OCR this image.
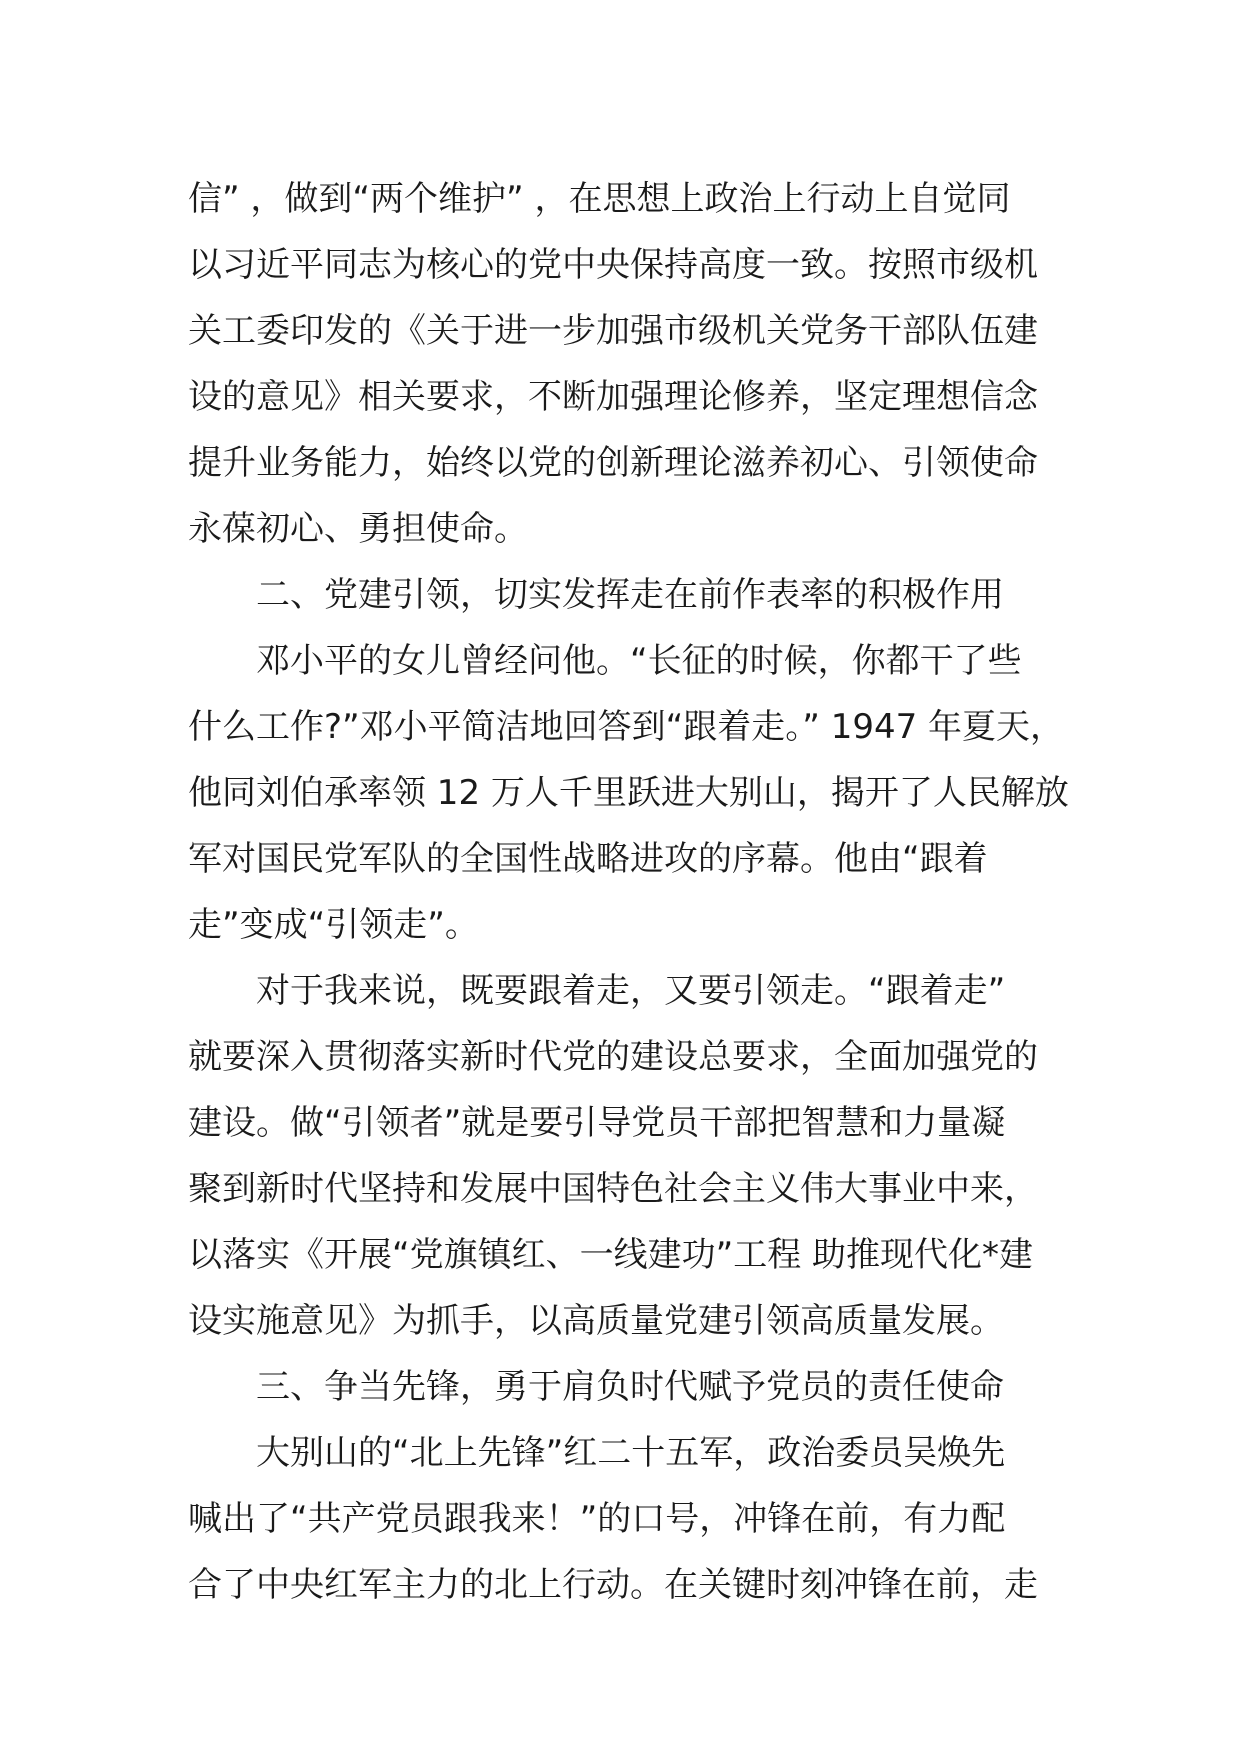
信” ，做到“两个维护” ，在思想上政治上行动上自觉同
以习近平同志为核心的党中央保持高度一致。按照市级机
关工委印发的《关于进一步加强市级机关党务干部队伍建
设的意见》相关要求，不断加强理论修养，坚定理想信念
提升业务能力，始终以党的创新理论滋养初心、引领使命
永葆初心、勇担使命。
二、党建引领，切实发挥走在前作表率的积极作用
邓小平的女儿曾经问他。“长征的时候，你都干了些
什么工作?”邓小平简洁地回答到“跟着走。” 1947 年夏天，
他同刘伯承率领 12 万人千里跃进大别山，揭开了人民解放
军对国民党军队的全国性战略进攻的序幕。他由“跟着
走”变成“引领走”。
对于我来说，既要跟着走，又要引领走。“跟着走”
就要深入贯彻落实新时代党的建设总要求，全面加强党的
建设。做“引领者”就是要引导党员干部把智慧和力量凝
聚到新时代坚持和发展中国特色社会主义伟大事业中来，
以落实《开展“党旗镇红、一线建功”工程 助推现代化*建
设实施意见》为抓手，以高质量党建引领高质量发展。
三、争当先锋，勇于肩负时代赋予党员的责任使命
大别山的“北上先锋”红二十五军，政治委员吴焕先
喊出了“共产党员跟我来！”的口号，冲锋在前，有力配
合了中央红军主力的北上行动。在关键时刻冲锋在前，走
